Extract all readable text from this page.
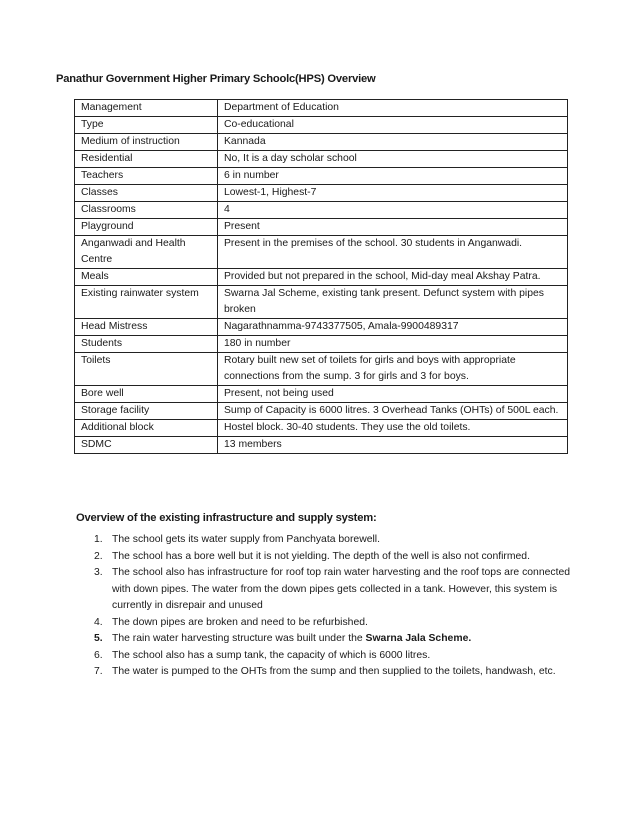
Panathur Government Higher Primary Schoolc(HPS) Overview
Management	Department of Education
Type	Co-educational
Medium of instruction	Kannada
Residential	No, It is a day scholar school
Teachers	6 in number
Classes	Lowest-1, Highest-7
Classrooms	4
Playground	Present
Anganwadi and Health Centre	Present in the premises of the school. 30 students in Anganwadi.
Meals	Provided but not prepared in the school, Mid-day meal Akshay Patra.
Existing rainwater system	Swarna Jal Scheme, existing tank present. Defunct system with pipes broken
Head Mistress	Nagarathnamma-9743377505, Amala-9900489317
Students	180 in number
Toilets	Rotary built new set of toilets for girls and boys with appropriate connections from the sump. 3 for girls and 3 for boys.
Bore well	Present, not being used
Storage facility	Sump of Capacity is 6000 litres. 3 Overhead Tanks (OHTs) of 500L each.
Additional block	Hostel block. 30-40 students. They use the old toilets.
SDMC	13 members
Overview of the existing infrastructure and supply system:
1. The school gets its water supply from Panchyata borewell.
2. The school has a bore well but it is not yielding. The depth of the well is also not confirmed.
3. The school also has infrastructure for roof top rain water harvesting and the roof tops are connected with down pipes. The water from the down pipes gets collected in a tank. However, this system is currently in disrepair and unused
4. The down pipes are broken and need to be refurbished.
5. The rain water harvesting structure was built under the Swarna Jala Scheme.
6. The school also has a sump tank, the capacity of which is 6000 litres.
7. The water is pumped to the OHTs from the sump and then supplied to the toilets, handwash, etc.
